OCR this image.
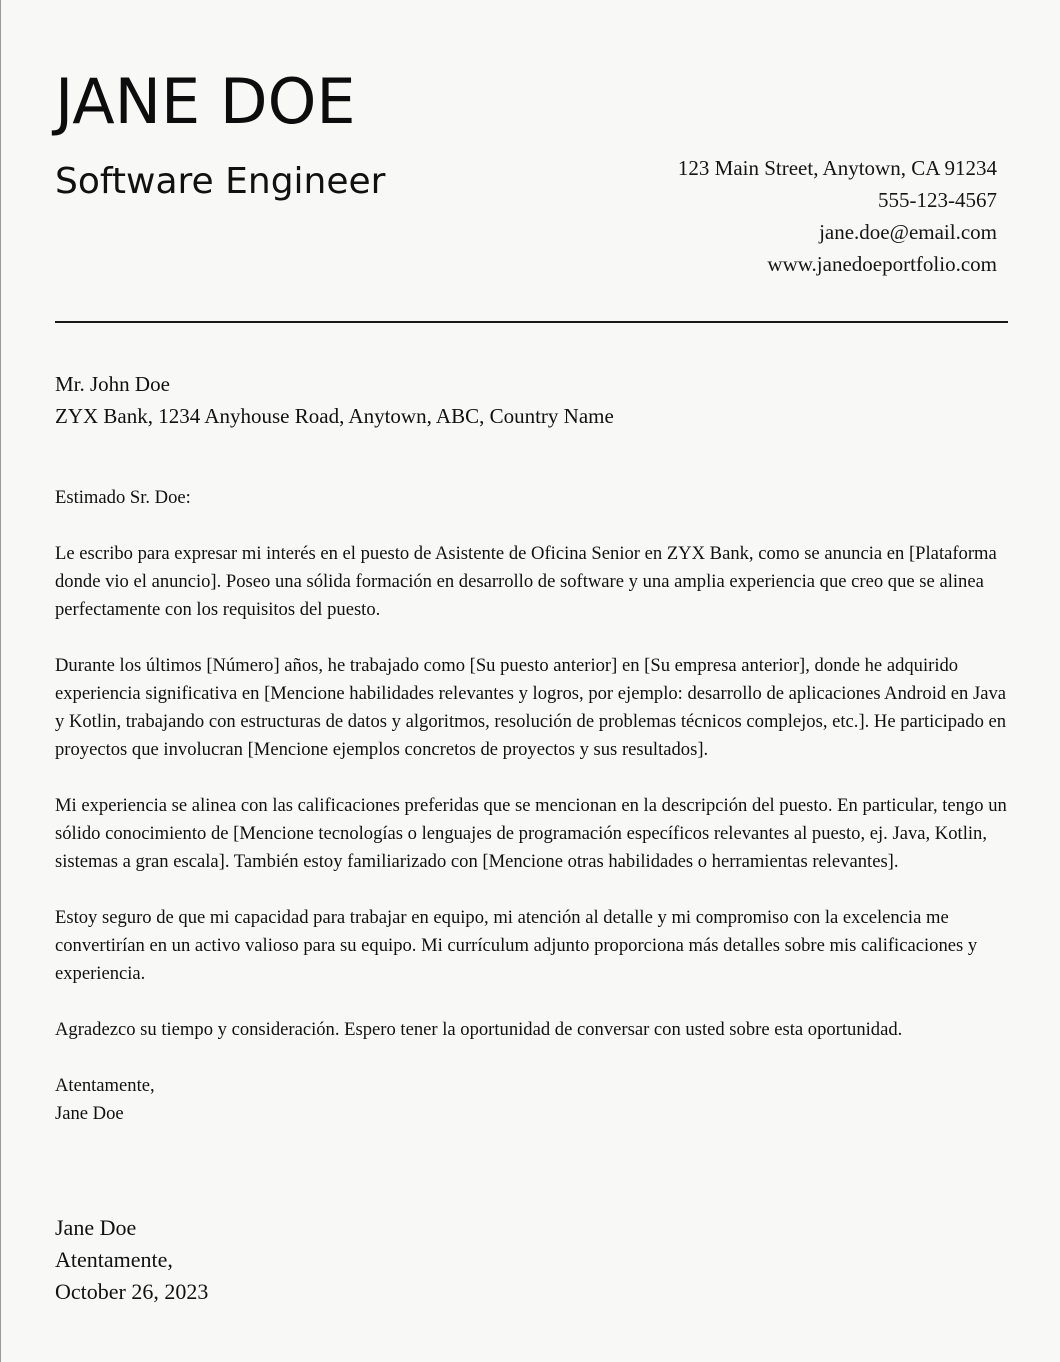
JANE DOE
Software Engineer	123 Main Street, Anytown, CA 91234
555-123-4567
jane.doe@email.com
www.janedoeportfolio.com
Mr. John Doe
ZYX Bank, 1234 Anyhouse Road, Anytown, ABC, Country Name

Estimado Sr. Doe:

Le escribo para expresar mi interés en el puesto de Asistente de Oficina Senior en ZYX Bank, como se anuncia en [Plataforma donde vio el anuncio]. Poseo una sólida formación en desarrollo de software y una amplia experiencia que creo que se alinea perfectamente con los requisitos del puesto.

Durante los últimos [Número] años, he trabajado como [Su puesto anterior] en [Su empresa anterior], donde he adquirido experiencia significativa en [Mencione habilidades relevantes y logros, por ejemplo: desarrollo de aplicaciones Android en Java y Kotlin, trabajando con estructuras de datos y algoritmos, resolución de problemas técnicos complejos, etc.]. He participado en proyectos que involucran [Mencione ejemplos concretos de proyectos y sus resultados].

Mi experiencia se alinea con las calificaciones preferidas que se mencionan en la descripción del puesto. En particular, tengo un sólido conocimiento de [Mencione tecnologías o lenguajes de programación específicos relevantes al puesto, ej. Java, Kotlin, sistemas a gran escala]. También estoy familiarizado con [Mencione otras habilidades o herramientas relevantes].

Estoy seguro de que mi capacidad para trabajar en equipo, mi atención al detalle y mi compromiso con la excelencia me convertirían en un activo valioso para su equipo. Mi currículum adjunto proporciona más detalles sobre mis calificaciones y experiencia.

Agradezco su tiempo y consideración. Espero tener la oportunidad de conversar con usted sobre esta oportunidad.

Atentamente,
Jane Doe
Jane Doe
Atentamente,
October 26, 2023
